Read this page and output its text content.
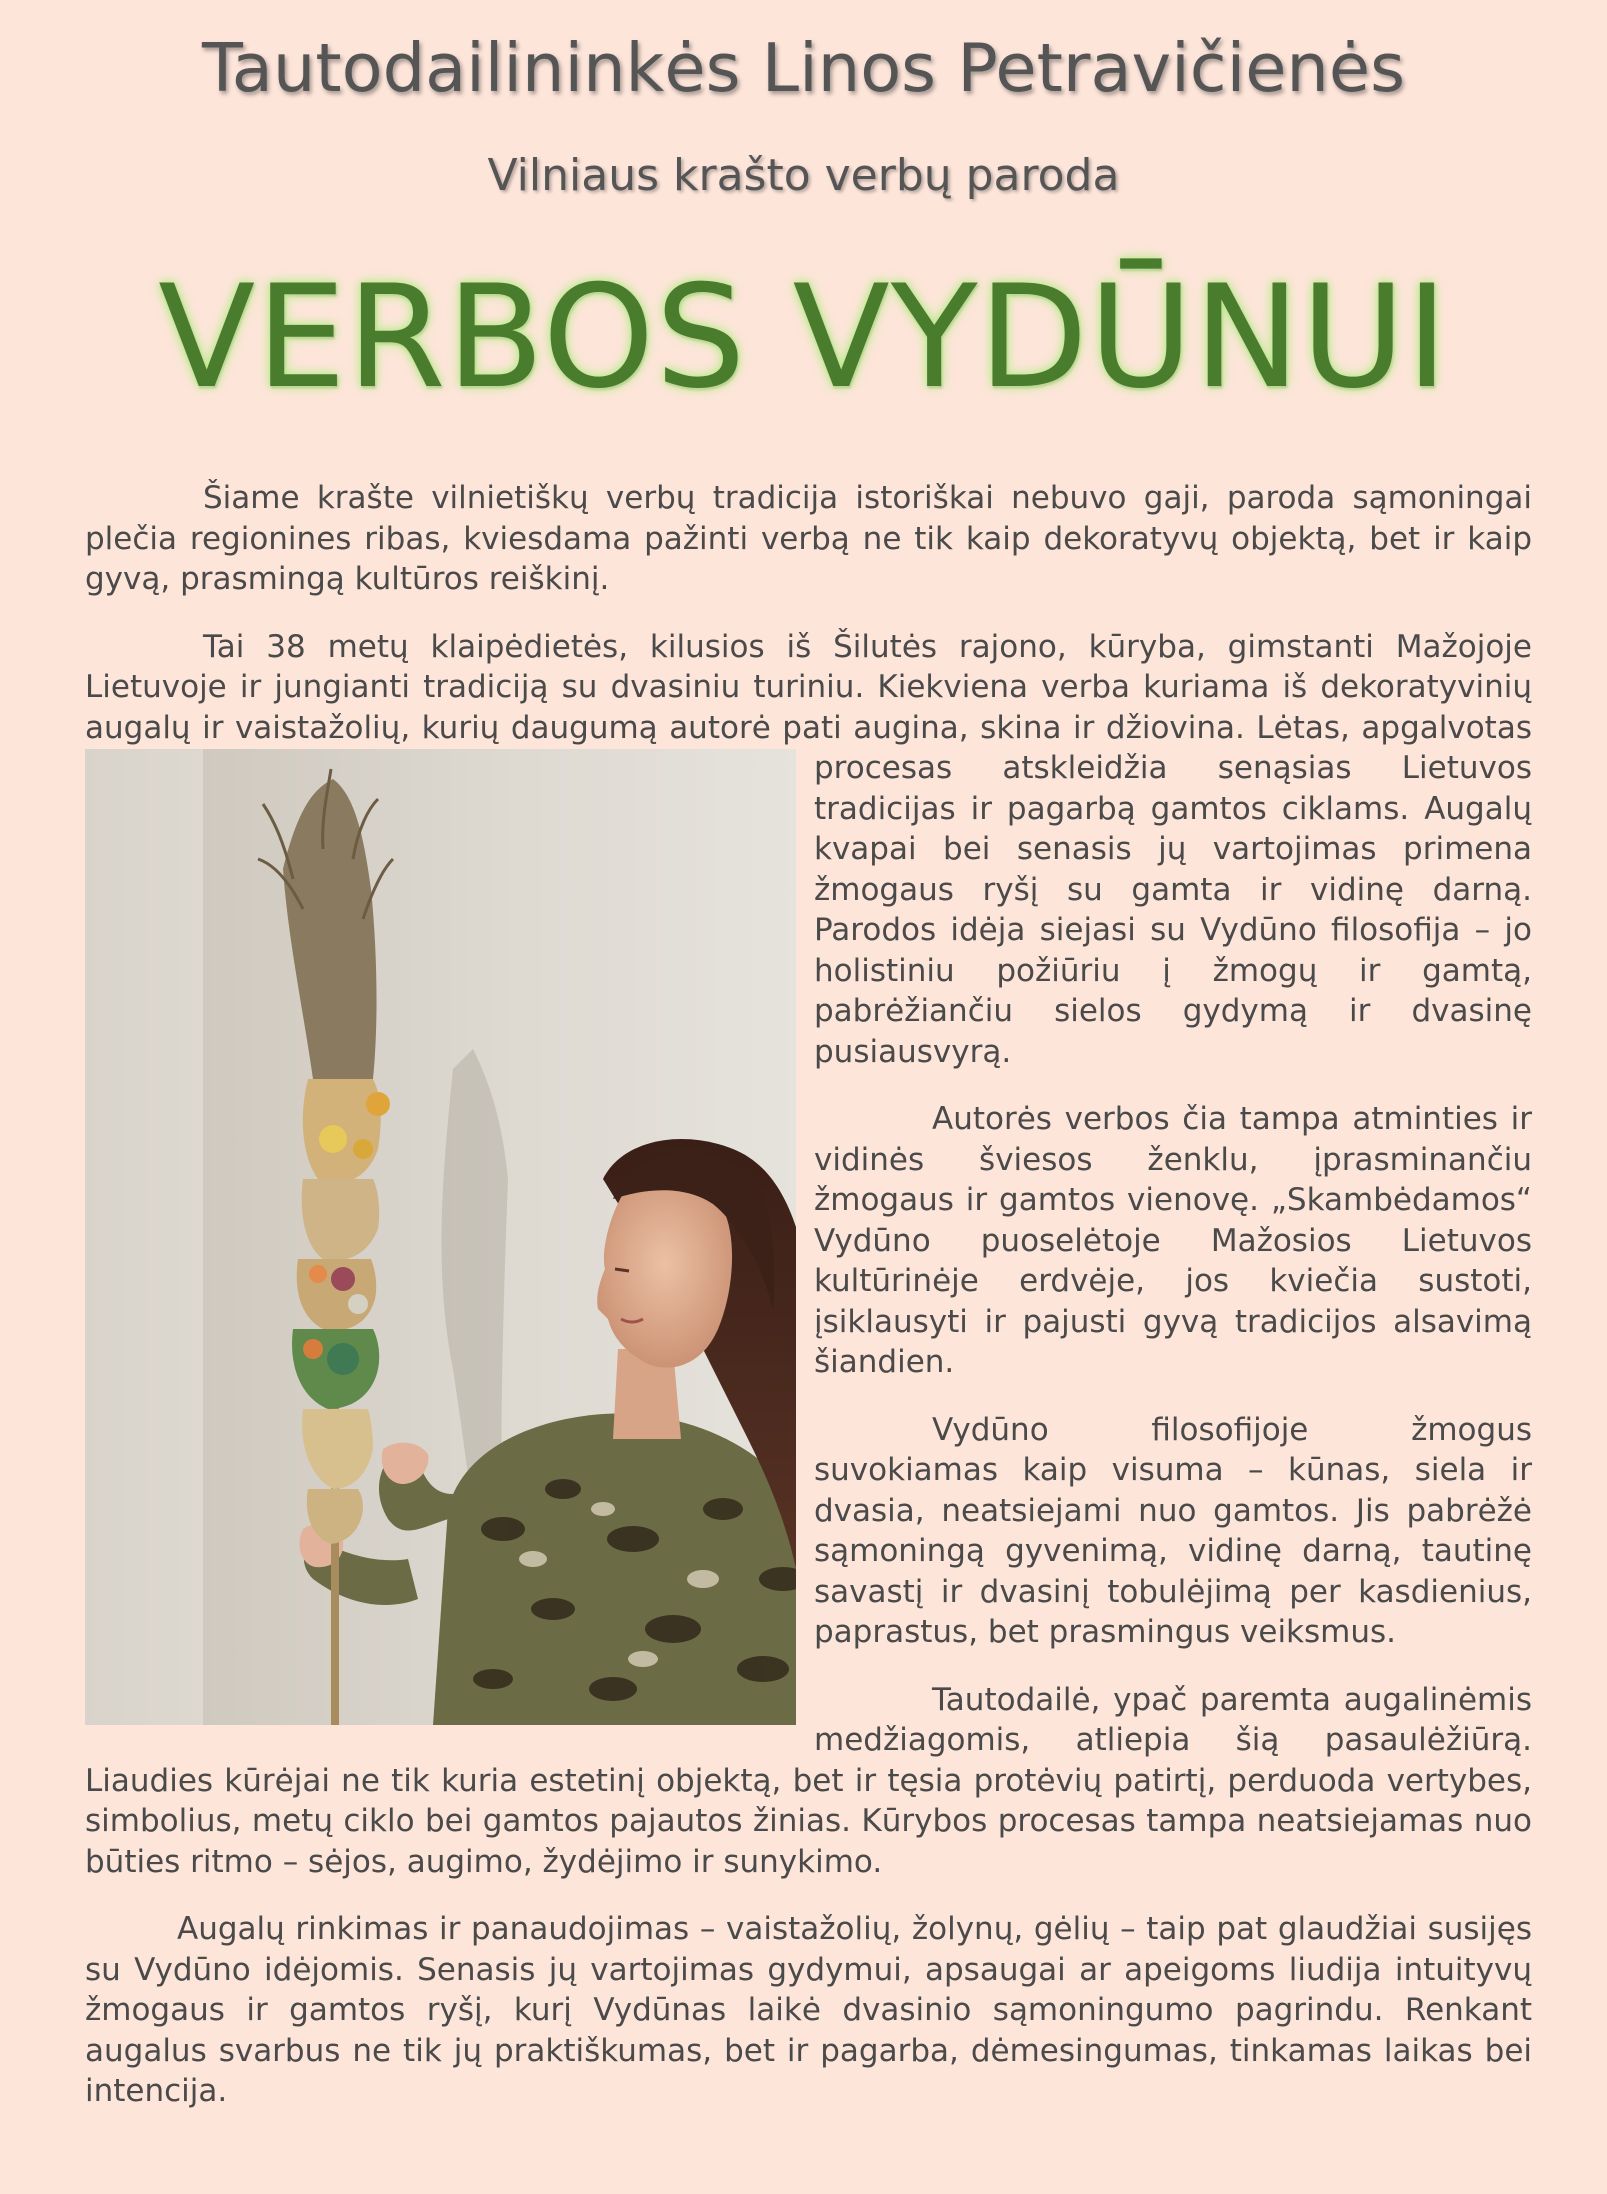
Tautodailininkės Linos Petravičienės
Vilniaus krašto verbų paroda
VERBOS VYDŪNUI

Šiame krašte vilnietiškų verbų tradicija istoriškai nebuvo gaji, paroda sąmoningai plečia regionines ribas, kviesdama pažinti verbą ne tik kaip dekoratyvų objektą, bet ir kaip gyvą, prasmingą kultūros reiškinį.

Tai 38 metų klaipėdietės, kilusios iš Šilutės rajono, kūryba, gimstanti Mažojoje Lietuvoje ir jungianti tradiciją su dvasiniu turiniu. Kiekviena verba kuriama iš dekoratyvinių augalų ir vaistažolių, kurių daugumą autorė pati augina, skina ir džiovina.
Lėtas, apgalvotas procesas atskleidžia senąsias Lietuvos tradicijas ir pagarbą gamtos ciklams. Augalų kvapai bei senasis jų vartojimas primena žmogaus ryšį su gamta ir vidinę darną. Parodos idėja siejasi su Vydūno filosofija – jo holistiniu požiūriu į žmogų ir gamtą, pabrėžiančiu sielos gydymą ir dvasinę pusiausvyrą.

Autorės verbos čia tampa atminties ir vidinės šviesos ženklu, įprasminančiu žmogaus ir gamtos vienovę. „Skambėdamos“ Vydūno puoselėtoje Mažosios Lietuvos kultūrinėje erdvėje, jos kviečia sustoti, įsiklausyti ir pajusti gyvą tradicijos alsavimą šiandien.

Vydūno filosofijoje žmogus suvokiamas kaip visuma – kūnas, siela ir dvasia, neatsiejami nuo gamtos. Jis pabrėžė sąmoningą gyvenimą, vidinę darną, tautinę savastį ir dvasinį tobulėjimą per kasdienius, paprastus, bet prasmingus veiksmus.

Tautodailė, ypač paremta augalinėmis medžiagomis, atliepia šią pasaulėžiūrą. Liaudies kūrėjai ne tik kuria estetinį objektą, bet ir tęsia protėvių patirtį, perduoda vertybes, simbolius, metų ciklo bei gamtos pajautos žinias. Kūrybos procesas tampa neatsiejamas nuo būties ritmo – sėjos, augimo, žydėjimo ir sunykimo.

Augalų rinkimas ir panaudojimas – vaistažolių, žolynų, gėlių – taip pat glaudžiai susijęs su Vydūno idėjomis. Senasis jų vartojimas gydymui, apsaugai ar apeigoms liudija intuityvų žmogaus ir gamtos ryšį, kurį Vydūnas laikė dvasinio sąmoningumo pagrindu. Renkant augalus svarbus ne tik jų praktiškumas, bet ir pagarba, dėmesingumas, tinkamas laikas bei intencija.
